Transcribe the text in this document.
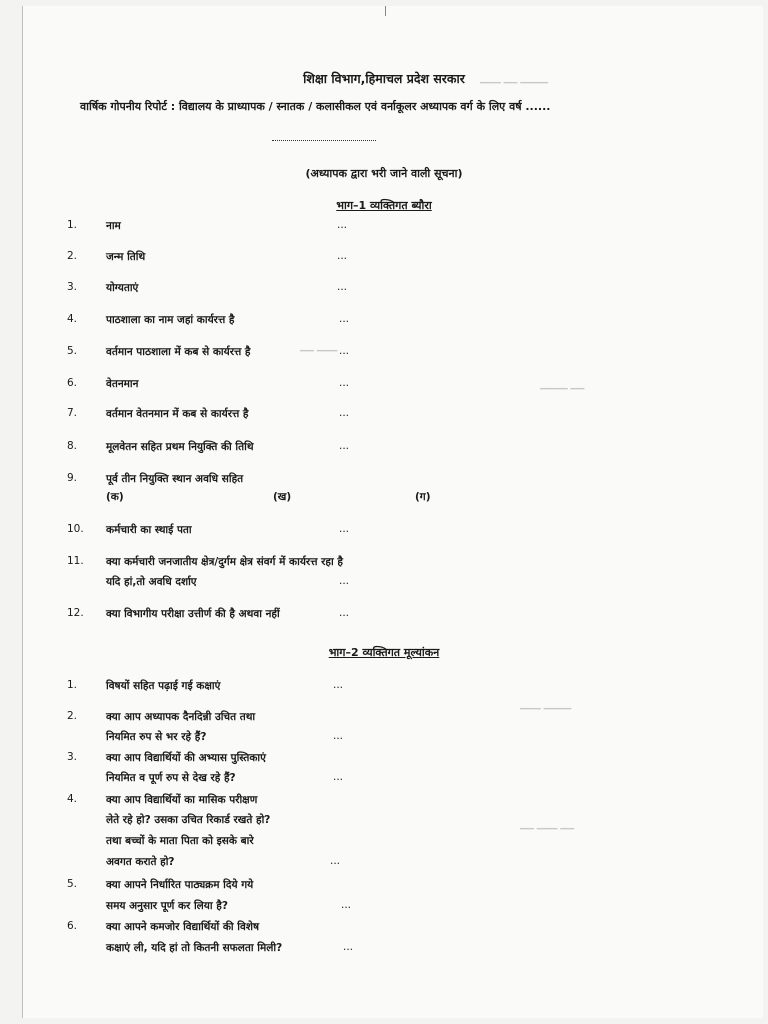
▁▁▁ ▁▁ ▁▁▁▁
▁▁ ▁▁▁
▁▁▁▁ ▁▁
▁▁▁ ▁▁▁▁
▁▁ ▁▁▁ ▁▁
शिक्षा विभाग,हिमाचल प्रदेश सरकार
वार्षिक गोपनीय रिपोर्ट : विद्यालय के प्राध्यापक / स्नातक / कलासीकल एवं वर्नाकूलर अध्यापक वर्ग के लिए वर्ष ......
(अध्यापक द्वारा भरी जाने वाली सूचना)
भाग–1 व्यक्तिगत ब्यौरा
1.	नाम	...
2.	जन्म तिथि	...
3.	योग्यताएं	...
4.	पाठशाला का नाम जहां कार्यरत्त है	...
5.	वर्तमान पाठशाला में कब से कार्यरत्त है	...
6.	वेतनमान	...
7.	वर्तमान वेतनमान में कब से कार्यरत्त है	...
8.	मूलवेतन सहित प्रथम नियुक्ति की तिथि	...
9.	पूर्व तीन नियुक्ति स्थान अवधि सहित
(क)	(ख)	(ग)
10. कर्मचारी का स्थाई पता	...
11. क्या कर्मचारी जनजातीय क्षेत्र/दुर्गम क्षेत्र संवर्ग में कार्यरत्त रहा है
यदि हां,तो अवधि दर्शाए	...
12. क्या विभागीय परीक्षा उत्तीर्ण की है अथवा नहीं	...
भाग–2 व्यक्तिगत मूल्यांकन
1.	विषयों सहित पढ़ाई गई कक्षाएं	...
2.	क्या आप अध्यापक दैनदिन्नी उचित तथा
नियमित रुप से भर रहे हैं?	...
3.	क्या आप विद्यार्थियों की अभ्यास पुस्तिकाएं
नियमित व पूर्ण रुप से देख रहे हैं?	...
4.	क्या आप विद्यार्थियों का मासिक परीक्षण
लेते रहे हो? उसका उचित रिकार्ड रखते हो?
तथा बच्चों के माता पिता को इसके बारे
अवगत कराते हो?	...
5.	क्या आपने निर्धारित पाठ्यक्रम दिये गये
समय अनुसार पूर्ण कर लिया है?	...
6.	क्या आपने कमजोर विद्यार्थियों की विशेष
कक्षाएं ली, यदि हां तो कितनी सफलता मिली?	...
